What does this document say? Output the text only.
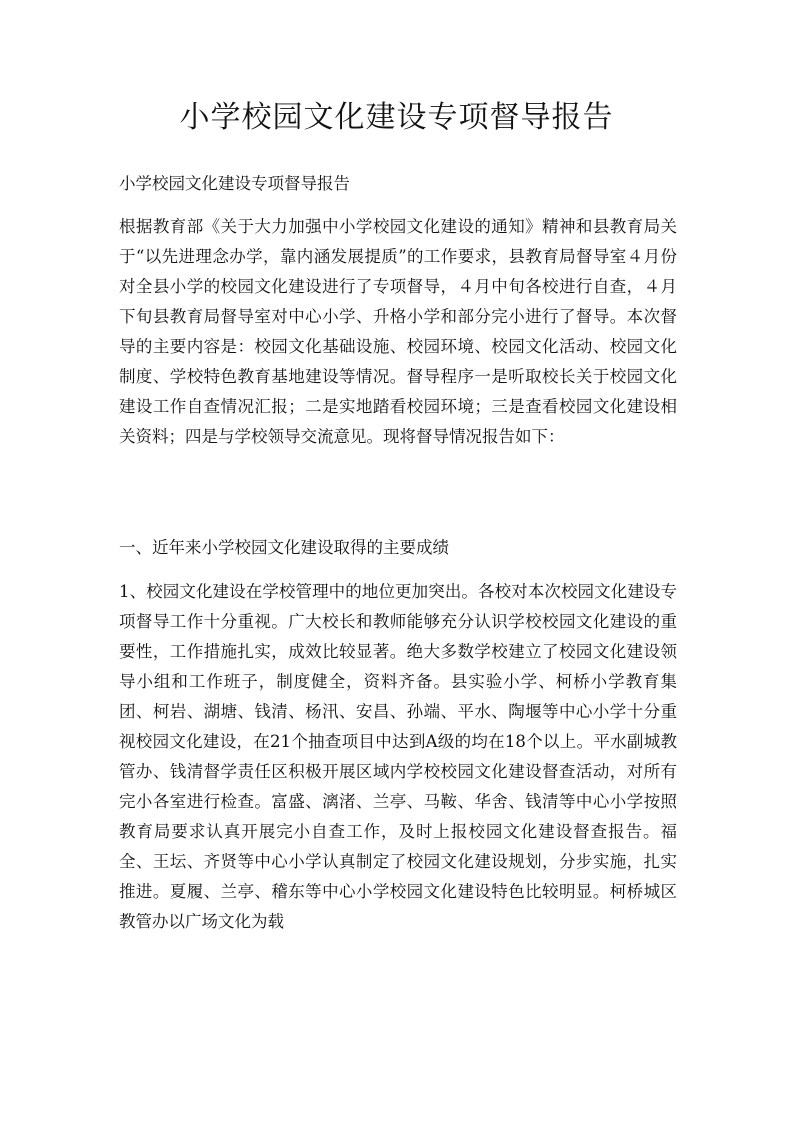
小学校园文化建设专项督导报告

小学校园文化建设专项督导报告

根据教育部《关于大力加强中小学校园文化建设的通知》精神和县教育局关于“以先进理念办学，靠内涵发展提质”的工作要求，县教育局督导室４月份对全县小学的校园文化建设进行了专项督导，４月中旬各校进行自查，４月下旬县教育局督导室对中心小学、升格小学和部分完小进行了督导。本次督导的主要内容是：校园文化基础设施、校园环境、校园文化活动、校园文化制度、学校特色教育基地建设等情况。督导程序一是听取校长关于校园文化建设工作自查情况汇报；二是实地踏看校园环境；三是查看校园文化建设相关资料；四是与学校领导交流意见。现将督导情况报告如下：

一、近年来小学校园文化建设取得的主要成绩

1、校园文化建设在学校管理中的地位更加突出。各校对本次校园文化建设专项督导工作十分重视。广大校长和教师能够充分认识学校校园文化建设的重要性，工作措施扎实，成效比较显著。绝大多数学校建立了校园文化建设领导小组和工作班子，制度健全，资料齐备。县实验小学、柯桥小学教育集团、柯岩、湖塘、钱清、杨汛、安昌、孙端、平水、陶堰等中心小学十分重视校园文化建设，在21个抽查项目中达到A级的均在18个以上。平水副城教管办、钱清督学责任区积极开展区域内学校校园文化建设督查活动，对所有完小各室进行检查。富盛、漓渚、兰亭、马鞍、华舍、钱清等中心小学按照教育局要求认真开展完小自查工作，及时上报校园文化建设督查报告。福全、王坛、齐贤等中心小学认真制定了校园文化建设规划，分步实施，扎实推进。夏履、兰亭、稽东等中心小学校园文化建设特色比较明显。柯桥城区教管办以广场文化为载
